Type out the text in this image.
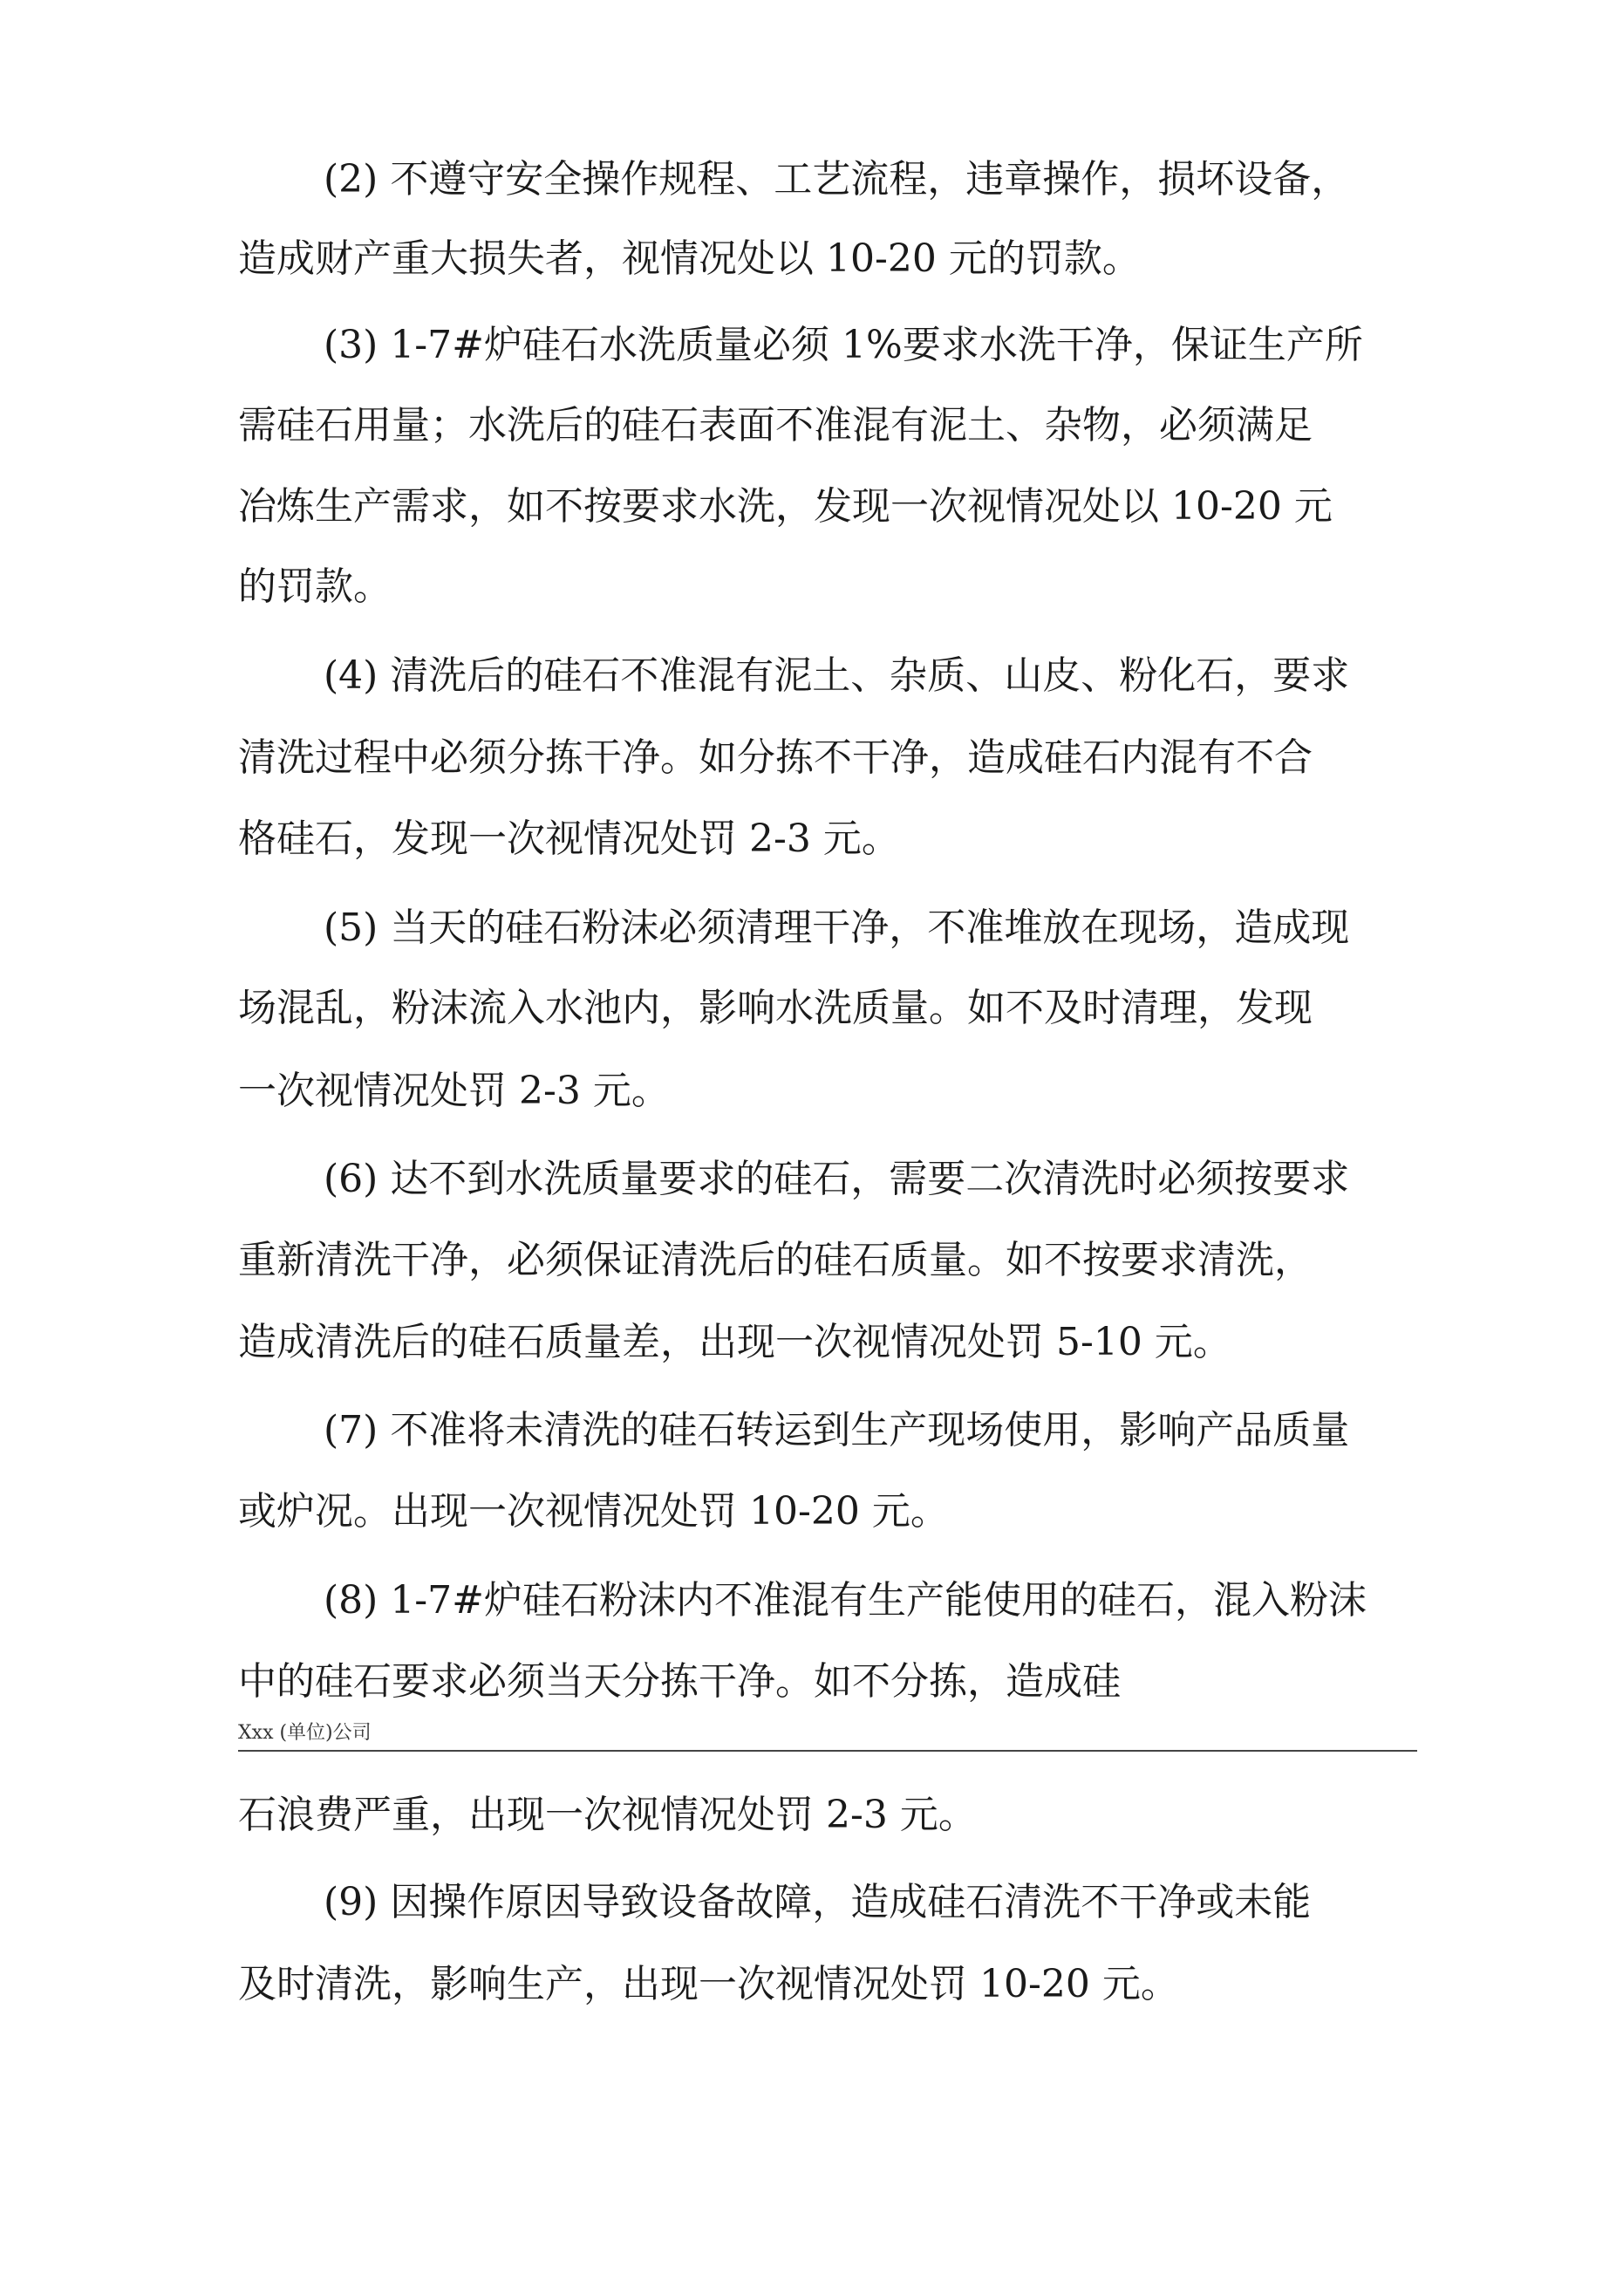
(2) 不遵守安全操作规程、工艺流程，违章操作，损坏设备，
造成财产重大损失者，视情况处以 10-20 元的罚款。
(3) 1-7#炉硅石水洗质量必须 1%要求水洗干净，保证生产所
需硅石用量；水洗后的硅石表面不准混有泥土、杂物，必须满足
冶炼生产需求，如不按要求水洗，发现一次视情况处以 10-20 元
的罚款。
(4) 清洗后的硅石不准混有泥土、杂质、山皮、粉化石，要求
清洗过程中必须分拣干净。如分拣不干净，造成硅石内混有不合
格硅石，发现一次视情况处罚 2-3 元。
(5) 当天的硅石粉沫必须清理干净，不准堆放在现场，造成现
场混乱，粉沫流入水池内，影响水洗质量。如不及时清理，发现
一次视情况处罚 2-3 元。
(6) 达不到水洗质量要求的硅石，需要二次清洗时必须按要求
重新清洗干净，必须保证清洗后的硅石质量。如不按要求清洗，
造成清洗后的硅石质量差，出现一次视情况处罚 5-10 元。
(7) 不准将未清洗的硅石转运到生产现场使用，影响产品质量
或炉况。出现一次视情况处罚 10-20 元。
(8) 1-7#炉硅石粉沫内不准混有生产能使用的硅石，混入粉沫
中的硅石要求必须当天分拣干净。如不分拣，造成硅
Xxx (单位)公司
石浪费严重，出现一次视情况处罚 2-3 元。
(9) 因操作原因导致设备故障，造成硅石清洗不干净或未能
及时清洗，影响生产，出现一次视情况处罚 10-20 元。
